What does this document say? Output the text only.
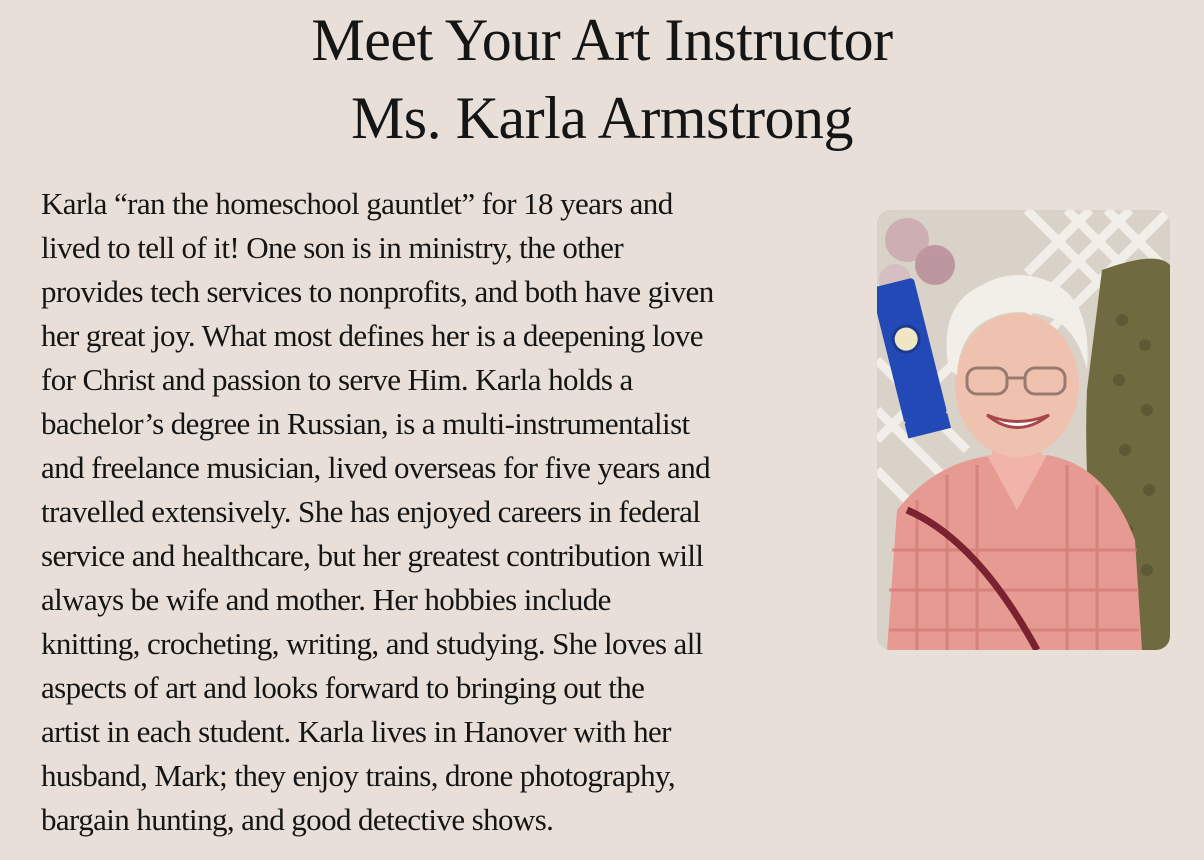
Meet Your Art Instructor
Ms. Karla Armstrong

Karla “ran the homeschool gauntlet” for 18 years and
lived to tell of it! One son is in ministry, the other
provides tech services to nonprofits, and both have given
her great joy. What most defines her is a deepening love
for Christ and passion to serve Him. Karla holds a
bachelor’s degree in Russian, is a multi-instrumentalist
and freelance musician, lived overseas for five years and
travelled extensively. She has enjoyed careers in federal
service and healthcare, but her greatest contribution will
always be wife and mother. Her hobbies include
knitting, crocheting, writing, and studying. She loves all
aspects of art and looks forward to bringing out the
artist in each student. Karla lives in Hanover with her
husband, Mark; they enjoy trains, drone photography,
bargain hunting, and good detective shows.
